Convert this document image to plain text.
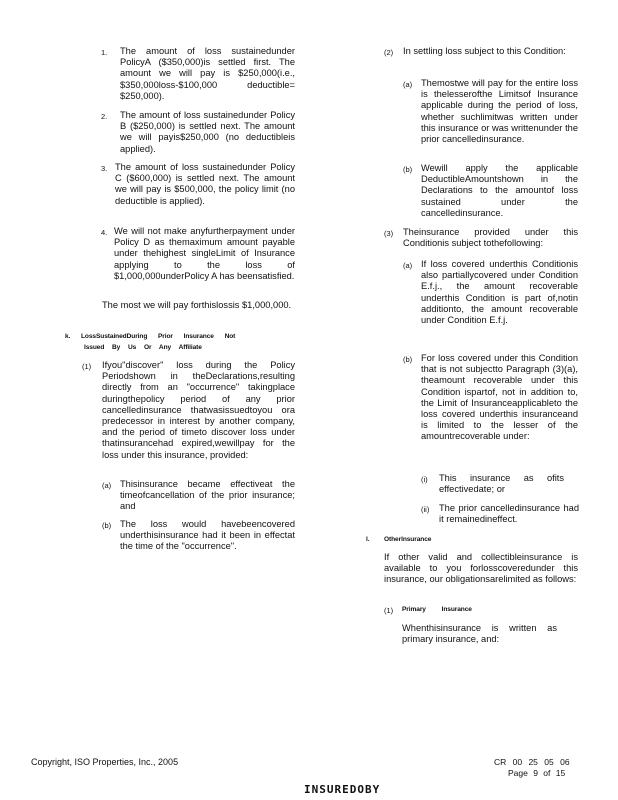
1. The amount of loss sustainedunder PolicyA ($350,000)is settled first. The amount we will pay is $250,000(i.e., $350,000loss-$100,000 deductible= $250,000).

2. The amount of loss sustainedunder Policy B ($250,000) is settled next. The amount we will payis$250,000 (no deductibleis applied).

3. The amount of loss sustainedunder Policy C ($600,000) is settled next. The amount we will pay is $500,000, the policy limit (no deductible is applied).

4. We will not make anyfurtherpayment under Policy D as themaximum amount payable under thehighest singleLimit of Insurance applying to the loss of $1,000,000underPolicy A has beensatisfied.

The most we will pay forthislossis $1,000,000.

k. LossSustainedDuring Prior Insurance Not
Issued By Us Or Any Affiliate
(1) Ifyou"discover" loss during the Policy Periodshown in theDeclarations,resulting directly from an "occurrence" takingplace duringthepolicy period of any prior cancelledinsurance thatwasissuedtoyou ora predecessor in interest by another company, and the period of timeto discover loss under thatinsurancehad expired,wewillpay for the loss under this insurance, provided:

(a) Thisinsurance became effectiveat the timeofcancellation of the prior insurance; and

(b) The loss would havebeencovered underthisinsurance had it been in effectat the time of the "occurrence".

(2) In settling loss subject to this Condition:

(a) Themostwe will pay for the entire loss is thelesserofthe Limitsof Insurance applicable during the period of loss, whether suchlimitwas written under this insurance or was writtenunder the prior cancelledinsurance.

(b) Wewill apply the applicable DeductibleAmountshown in the Declarations to the amountof loss sustained under the cancelledinsurance.

(3) Theinsurance provided under this Conditionis subject tothefollowing:

(a) If loss covered underthis Conditionis also partiallycovered under Condition E.f.j., the amount recoverable underthis Condition is part of,notin additionto, the amount recoverable under Condition E.f.j.

(b) For loss covered under this Condition that is not subjectto Paragraph (3)(a), theamount recoverable under this Condition ispartof, not in addition to, the Limit of Insuranceapplicableto the loss covered underthis insuranceand is limited to the lesser of the amountrecoverable under:

(i) This insurance as ofits effectivedate; or

(ii) The prior cancelledinsurance had it remainedineffect.

l. OtherInsurance

If other valid and collectibleinsurance is available to you forlosscoveredunder this insurance, our obligationsarelimited as follows:

(1) Primary Insurance

Whenthisinsurance is written as primary insurance, and:

Copyright, ISO Properties, Inc., 2005	CR 00 25 05 06
Page 9 of 15
INSUREDOBY
